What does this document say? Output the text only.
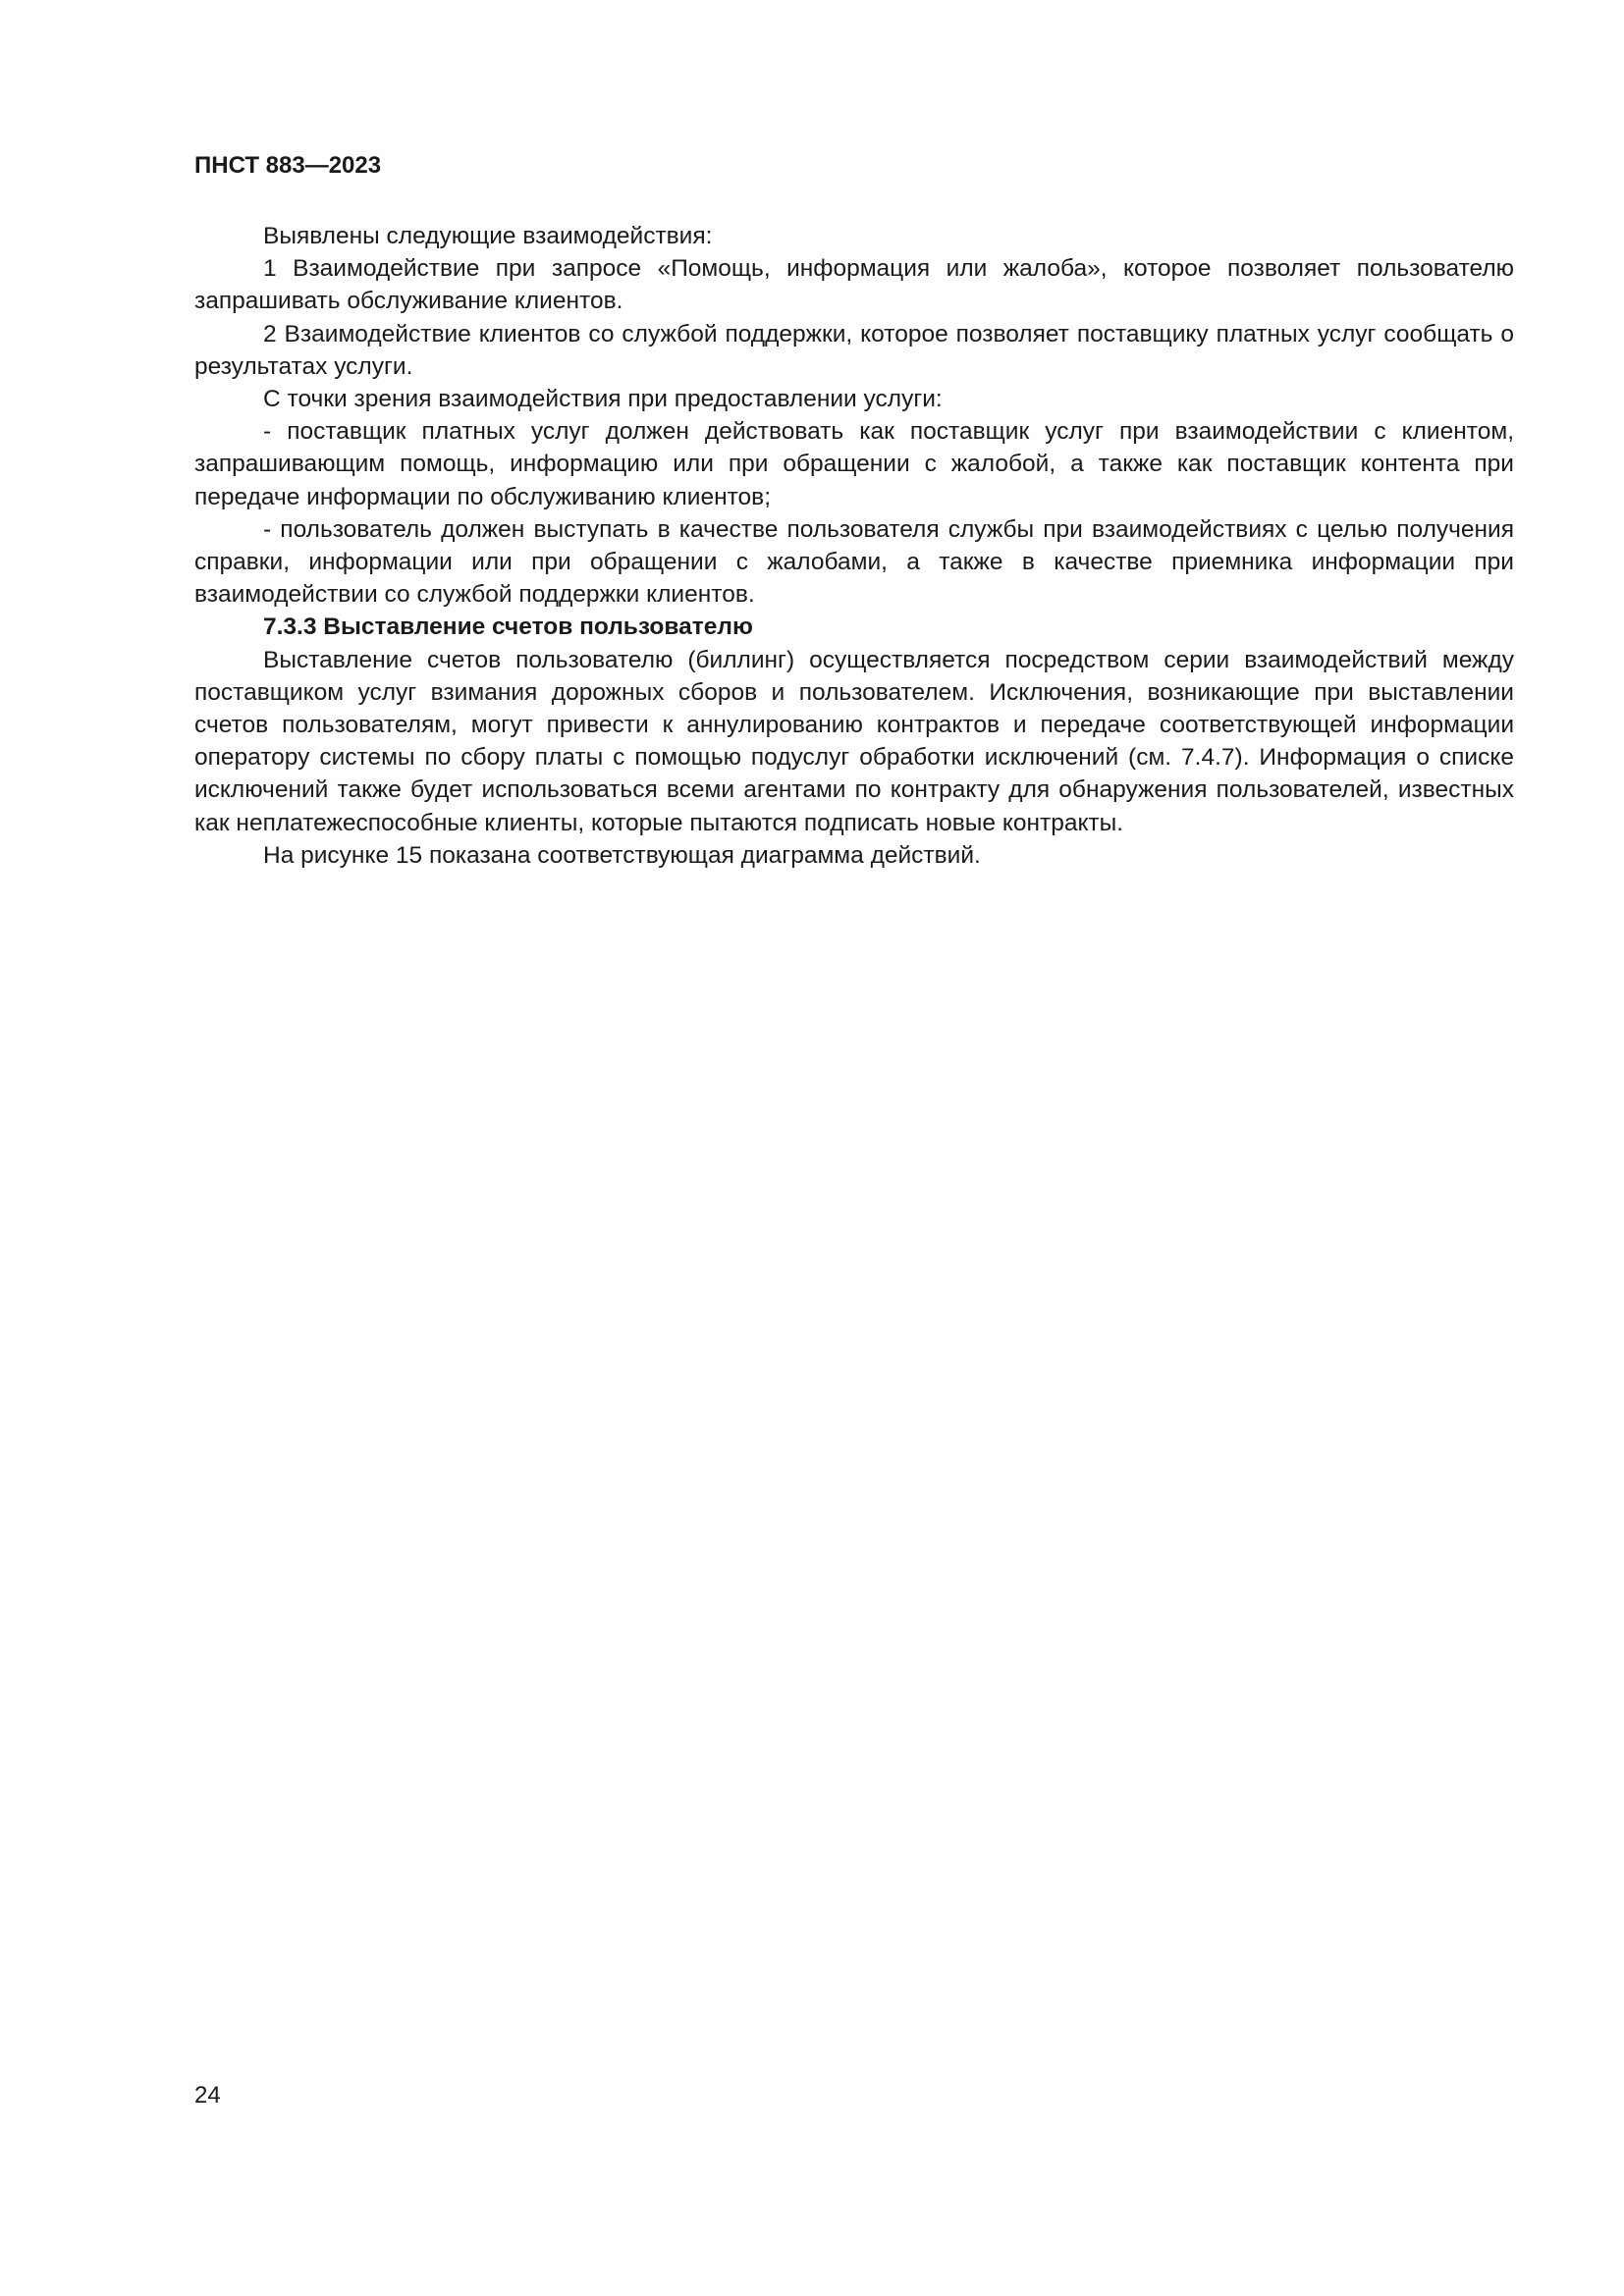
ПНСТ 883—2023

Выявлены следующие взаимодействия:

1 Взаимодействие при запросе «Помощь, информация или жалоба», которое позволяет пользователю запрашивать обслуживание клиентов.

2 Взаимодействие клиентов со службой поддержки, которое позволяет поставщику платных услуг сообщать о результатах услуги.

С точки зрения взаимодействия при предоставлении услуги:

- поставщик платных услуг должен действовать как поставщик услуг при взаимодействии с клиентом, запрашивающим помощь, информацию или при обращении с жалобой, а также как поставщик контента при передаче информации по обслуживанию клиентов;

- пользователь должен выступать в качестве пользователя службы при взаимодействиях с целью получения справки, информации или при обращении с жалобами, а также в качестве приемника информации при взаимодействии со службой поддержки клиентов.

7.3.3 Выставление счетов пользователю

Выставление счетов пользователю (биллинг) осуществляется посредством серии взаимодействий между поставщиком услуг взимания дорожных сборов и пользователем. Исключения, возникающие при выставлении счетов пользователям, могут привести к аннулированию контрактов и передаче соответствующей информации оператору системы по сбору платы с помощью подуслуг обработки исключений (см. 7.4.7). Информация о списке исключений также будет использоваться всеми агентами по контракту для обнаружения пользователей, известных как неплатежеспособные клиенты, которые пытаются подписать новые контракты.

На рисунке 15 показана соответствующая диаграмма действий.

24
